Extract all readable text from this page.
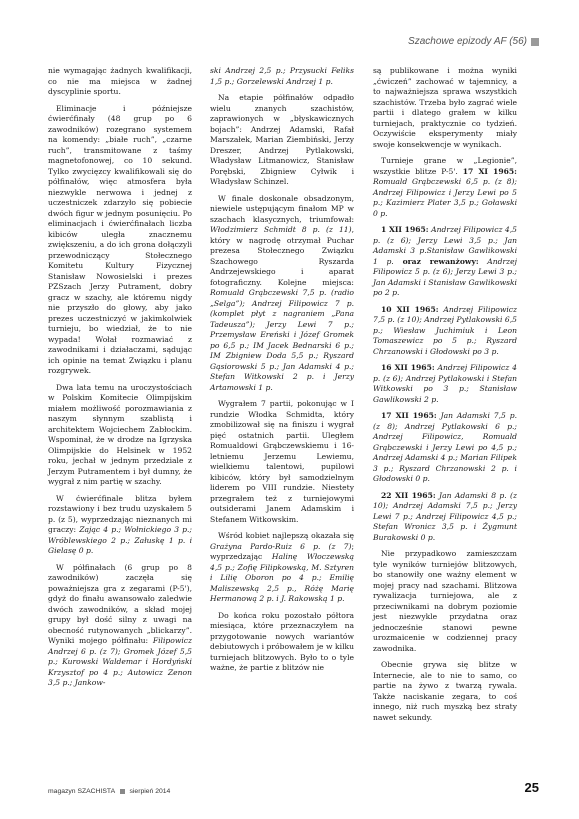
Szachowe epizody AF (56)

nie wymagając żadnych kwalifikacji, co nie ma miejsca w żadnej dyscyplinie sportu.

Eliminacje i późniejsze ćwierćfinały (48 grup po 6 zawodników) rozegrano systemem na komendy: „białe ruch”, „czarne ruch”, transmitowane z taśmy magnetofonowej, co 10 sekund. Tylko zwycięzcy kwalifikowali się do półfinałów, więc atmosfera była niezwykle nerwowa i jednej z uczestniczek zdarzyło się pobiecie dwóch figur w jednym posunięciu. Po eliminacjach i ćwierćfinałach liczba kibiców uległa znacznemu zwiększeniu, a do ich grona dołączyli przewodniczący Stołecznego Komitetu Kultury Fizycznej Stanisław Nowosielski i prezes PZSzach Jerzy Putrament, dobry gracz w szachy, ale któremu nigdy nie przyszło do głowy, aby jako prezes uczestniczyć w jakimkolwiek turnieju, bo wiedział, że to nie wypada! Wołał rozmawiać z zawodnikami i działaczami, sądując ich opinie na temat Związku i planu rozgrywek.

Dwa lata temu na uroczystościach w Polskim Komitecie Olimpijskim miałem możliwość porozmawiania z naszym słynnym szablistą i architektem Wojciechem Zabłockim. Wspominał, że w drodze na Igrzyska Olimpijskie do Helsinek w 1952 roku, jechał w jednym przedziale z Jerzym Putramentem i był dumny, że wygrał z nim partię w szachy.

W ćwierćfinale blitza byłem rozstawiony i bez trudu uzyskałem 5 p. (z 5), wyprzedzając nieznanych mi graczy: Zając 4 p.; Wołnickiego 3 p.; Wróblewskiego 2 p.; Załuskę 1 p. i Gielasę 0 p.

W półfinałach (6 grup po 8 zawodników) zaczęła się poważniejsza gra z zegarami (P-5'), gdyż do finału awansowało zaledwie dwóch zawodników, a skład mojej grupy był dość silny z uwagi na obecność rutynowanych „blickarzy”. Wyniki mojego półfinału: Filipowicz Andrzej 6 p. (z 7); Gromek Józef 5,5 p.; Kurowski Waldemar i Hordyński Krzysztof po 4 p.; Autowicz Zenon 3,5 p.; Jankow-

ski Andrzej 2,5 p.; Przysucki Feliks 1,5 p.; Gorzelewski Andrzej 1 p.

Na etapie półfinałów odpadło wielu znanych szachistów, zaprawionych w „błyskawicznych bojach”: Andrzej Adamski, Rafał Marszałek, Marian Ziembiński, Jerzy Dreszer, Andrzej Pytlakowski, Władysław Litmanowicz, Stanisław Porębski, Zbigniew Cyłwik i Władysław Schinzel.

W finale doskonale obsadzonym, niewiele ustępującym finałom MP w szachach klasycznych, triumfował: Włodzimierz Schmidt 8 p. (z 11), który w nagrodę otrzymał Puchar prezesa Stołecznego Związku Szachowego Ryszarda Andrzejewskiego i aparat fotograficzny. Kolejne miejsca: Romuald Grąbczewski 7,5 p. (radio „Selga”); Andrzej Filipowicz 7 p. (komplet płyt z nagraniem „Pana Tadeusza”); Jerzy Lewi 7 p.; Przemysław Ereński i Józef Gromek po 6,5 p.; IM Jacek Bednarski 6 p.; IM Zbigniew Doda 5,5 p.; Ryszard Gąsiorowski 5 p.; Jan Adamski 4 p.; Stefan Witkowski 2 p. i Jerzy Artamowski 1 p.

Wygrałem 7 partii, pokonując w I rundzie Włodka Schmidta, który zmobilizował się na finiszu i wygrał pięć ostatnich partii. Uległem Romualdowi Grąbczewskiemu i 16-letniemu Jerzemu Lewiemu, wielkiemu talentowi, pupilowi kibiców, który był samodzielnym liderem po VIII rundzie. Niestety przegrałem też z turniejowymi outsiderami Janem Adamskim i Stefanem Witkowskim.

Wśród kobiet najlepszą okazała się Grażyna Pardo-Ruiz 6 p. (z 7); wyprzedzając Halinę Włoczewską 4,5 p.; Zofię Filipkowską, M. Sztyren i Lilię Oboron po 4 p.; Emilię Maliszewską 2,5 p., Różę Marię Hermanową 2 p. i J. Rakowską 1 p.

Do końca roku pozostało półtora miesiąca, które przeznaczyłem na przygotowanie nowych wariantów debiutowych i próbowałem je w kilku turniejach blitzowych. Było to o tyle ważne, że partie z blitzów nie

są publikowane i można wyniki „ćwiczeń” zachować w tajemnicy, a to najważniejsza sprawa wszystkich szachistów. Trzeba było zagrać wiele partii i dlatego grałem w kilku turniejach, praktycznie co tydzień. Oczywiście eksperymenty miały swoje konsekwencje w wynikach.

Turnieje grane w „Legionie”, wszystkie blitze P-5'. 17 XI 1965: Romuald Grąbczewski 6,5 p. (z 8); Andrzej Filipowicz i Jerzy Lewi po 5 p.; Kazimierz Plater 3,5 p.; Goławski 0 p.

1 XII 1965: Andrzej Filipowicz 4,5 p. (z 6); Jerzy Lewi 3,5 p.; Jan Adamski 3 p.Stanisław Gawlikowski 1 p. oraz rewanżowy: Andrzej Filipowicz 5 p. (z 6); Jerzy Lewi 3 p.; Jan Adamski i Stanisław Gawlikowski po 2 p.

10 XII 1965: Andrzej Filipowicz 7,5 p. (z 10); Andrzej Pytlakowski 6,5 p.; Wiesław Juchimiuk i Leon Tomaszewicz po 5 p.; Ryszard Chrzanowski i Głodowski po 3 p.

16 XII 1965: Andrzej Filipowicz 4 p. (z 6); Andrzej Pytlakowski i Stefan Witkowski po 3 p.; Stanisław Gawlikowski 2 p.

17 XII 1965: Jan Adamski 7,5 p. (z 8); Andrzej Pytlakowski 6 p.; Andrzej Filipowicz, Romuald Grąbczewski i Jerzy Lewi po 4,5 p.; Andrzej Adamski 4 p.; Marian Filipek 3 p.; Ryszard Chrzanowski 2 p. i Głodowski 0 p.

22 XII 1965: Jan Adamski 8 p. (z 10); Andrzej Adamski 7,5 p.; Jerzy Lewi 7 p.; Andrzej Filipowicz 4,5 p.; Stefan Wronicz 3,5 p. i Żygmunt Burakowski 0 p.

Nie przypadkowo zamieszczam tyle wyników turniejów blitzowych, bo stanowiły one ważny element w mojej pracy nad szachami. Blitzowa rywalizacja turniejowa, ale z przeciwnikami na dobrym poziomie jest niezwykle przydatna oraz jednocześnie stanowi pewne urozmaicenie w codziennej pracy zawodnika.

Obecnie grywa się blitze w Internecie, ale to nie to samo, co partie na żywo z twarzą rywala. Także naciskanie zegara, to coś innego, niż ruch myszką bez straty nawet sekundy.

magazyn SZACHISTA sierpień 2014	25
